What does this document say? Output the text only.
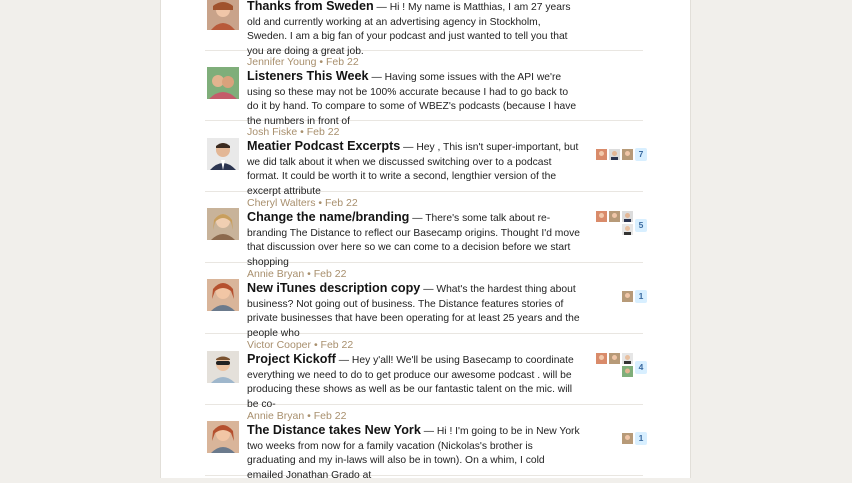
Thanks from Sweden — Hi ! My name is Matthias, I am 27 years old and currently working at an advertising agency in Stockholm, Sweden. I am a big fan of your podcast and just wanted to tell you that you are doing a great job.
Jennifer Young • Feb 22
Listeners This Week — Having some issues with the API we're using so these may not be 100% accurate because I had to go back to do it by hand. To compare to some of WBEZ's podcasts (because I have the numbers in front of
Josh Fiske • Feb 22
Meatier Podcast Excerpts — Hey , This isn't super-important, but we did talk about it when we discussed switching over to a podcast format. It could be worth it to write a second, lengthier version of the excerpt attribute
7
Cheryl Walters • Feb 22
Change the name/branding — There's some talk about re-branding The Distance to reflect our Basecamp origins. Thought I'd move that discussion over here so we can come to a decision before we start shopping
5
Annie Bryan • Feb 22
New iTunes description copy — What's the hardest thing about business? Not going out of business. The Distance features stories of private businesses that have been operating for at least 25 years and the people who
1
Victor Cooper • Feb 22
Project Kickoff — Hey y'all! We'll be using Basecamp to coordinate everything we need to do to get produce our awesome podcast . will be producing these shows as well as be our fantastic talent on the mic. will be co-
4
Annie Bryan • Feb 22
The Distance takes New York — Hi ! I'm going to be in New York two weeks from now for a family vacation (Nickolas's brother is graduating and my in-laws will also be in town). On a whim, I cold emailed Jonathan Grado at
1
